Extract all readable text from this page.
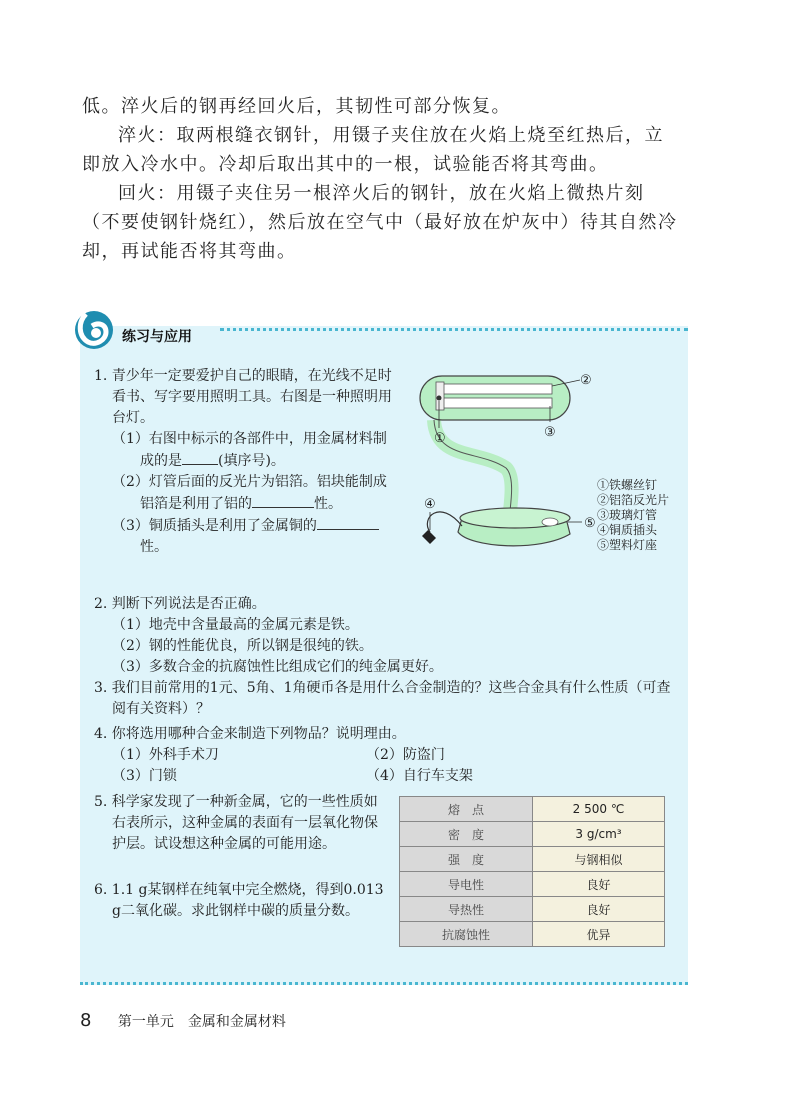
低。淬火后的钢再经回火后，其韧性可部分恢复。

淬火：取两根缝衣钢针，用镊子夹住放在火焰上烧至红热后，立即放入冷水中。冷却后取出其中的一根，试验能否将其弯曲。

回火：用镊子夹住另一根淬火后的钢针，放在火焰上微热片刻（不要使钢针烧红），然后放在空气中（最好放在炉灰中）待其自然冷却，再试能否将其弯曲。

练习与应用

1. 青少年一定要爱护自己的眼睛，在光线不足时看书、写字要用照明工具。右图是一种照明用台灯。

（1）右图中标示的各部件中，用金属材料制成的是	(填序号)。

（2）灯管后面的反光片为铝箔。铝块能制成铝箔是利用了铝的	性。

（3）铜质插头是利用了金属铜的性。

①
②
③
④
⑤
①铁螺丝钉
②铝箔反光片
③玻璃灯管
④铜质插头
⑤塑料灯座

2. 判断下列说法是否正确。

（1）地壳中含量最高的金属元素是铁。

（2）钢的性能优良，所以钢是很纯的铁。

（3）多数合金的抗腐蚀性比组成它们的纯金属更好。

3. 我们目前常用的1元、5角、1角硬币各是用什么合金制造的？这些合金具有什么性质（可查阅有关资料）？

4. 你将选用哪种合金来制造下列物品？说明理由。

（1）外科手术刀	（2）防盗门
（3）门锁	（4）自行车支架

5. 科学家发现了一种新金属，它的一些性质如右表所示，这种金属的表面有一层氧化物保护层。试设想这种金属的可能用途。

6. 1.1 g某钢样在纯氧中完全燃烧，得到0.013 g二氧化碳。求此钢样中碳的质量分数。

熔　点	2 500 ℃
密　度	3 g/cm³
强　度	与钢相似
导电性	良好
导热性	良好
抗腐蚀性	优异
8 第一单元　金属和金属材料
